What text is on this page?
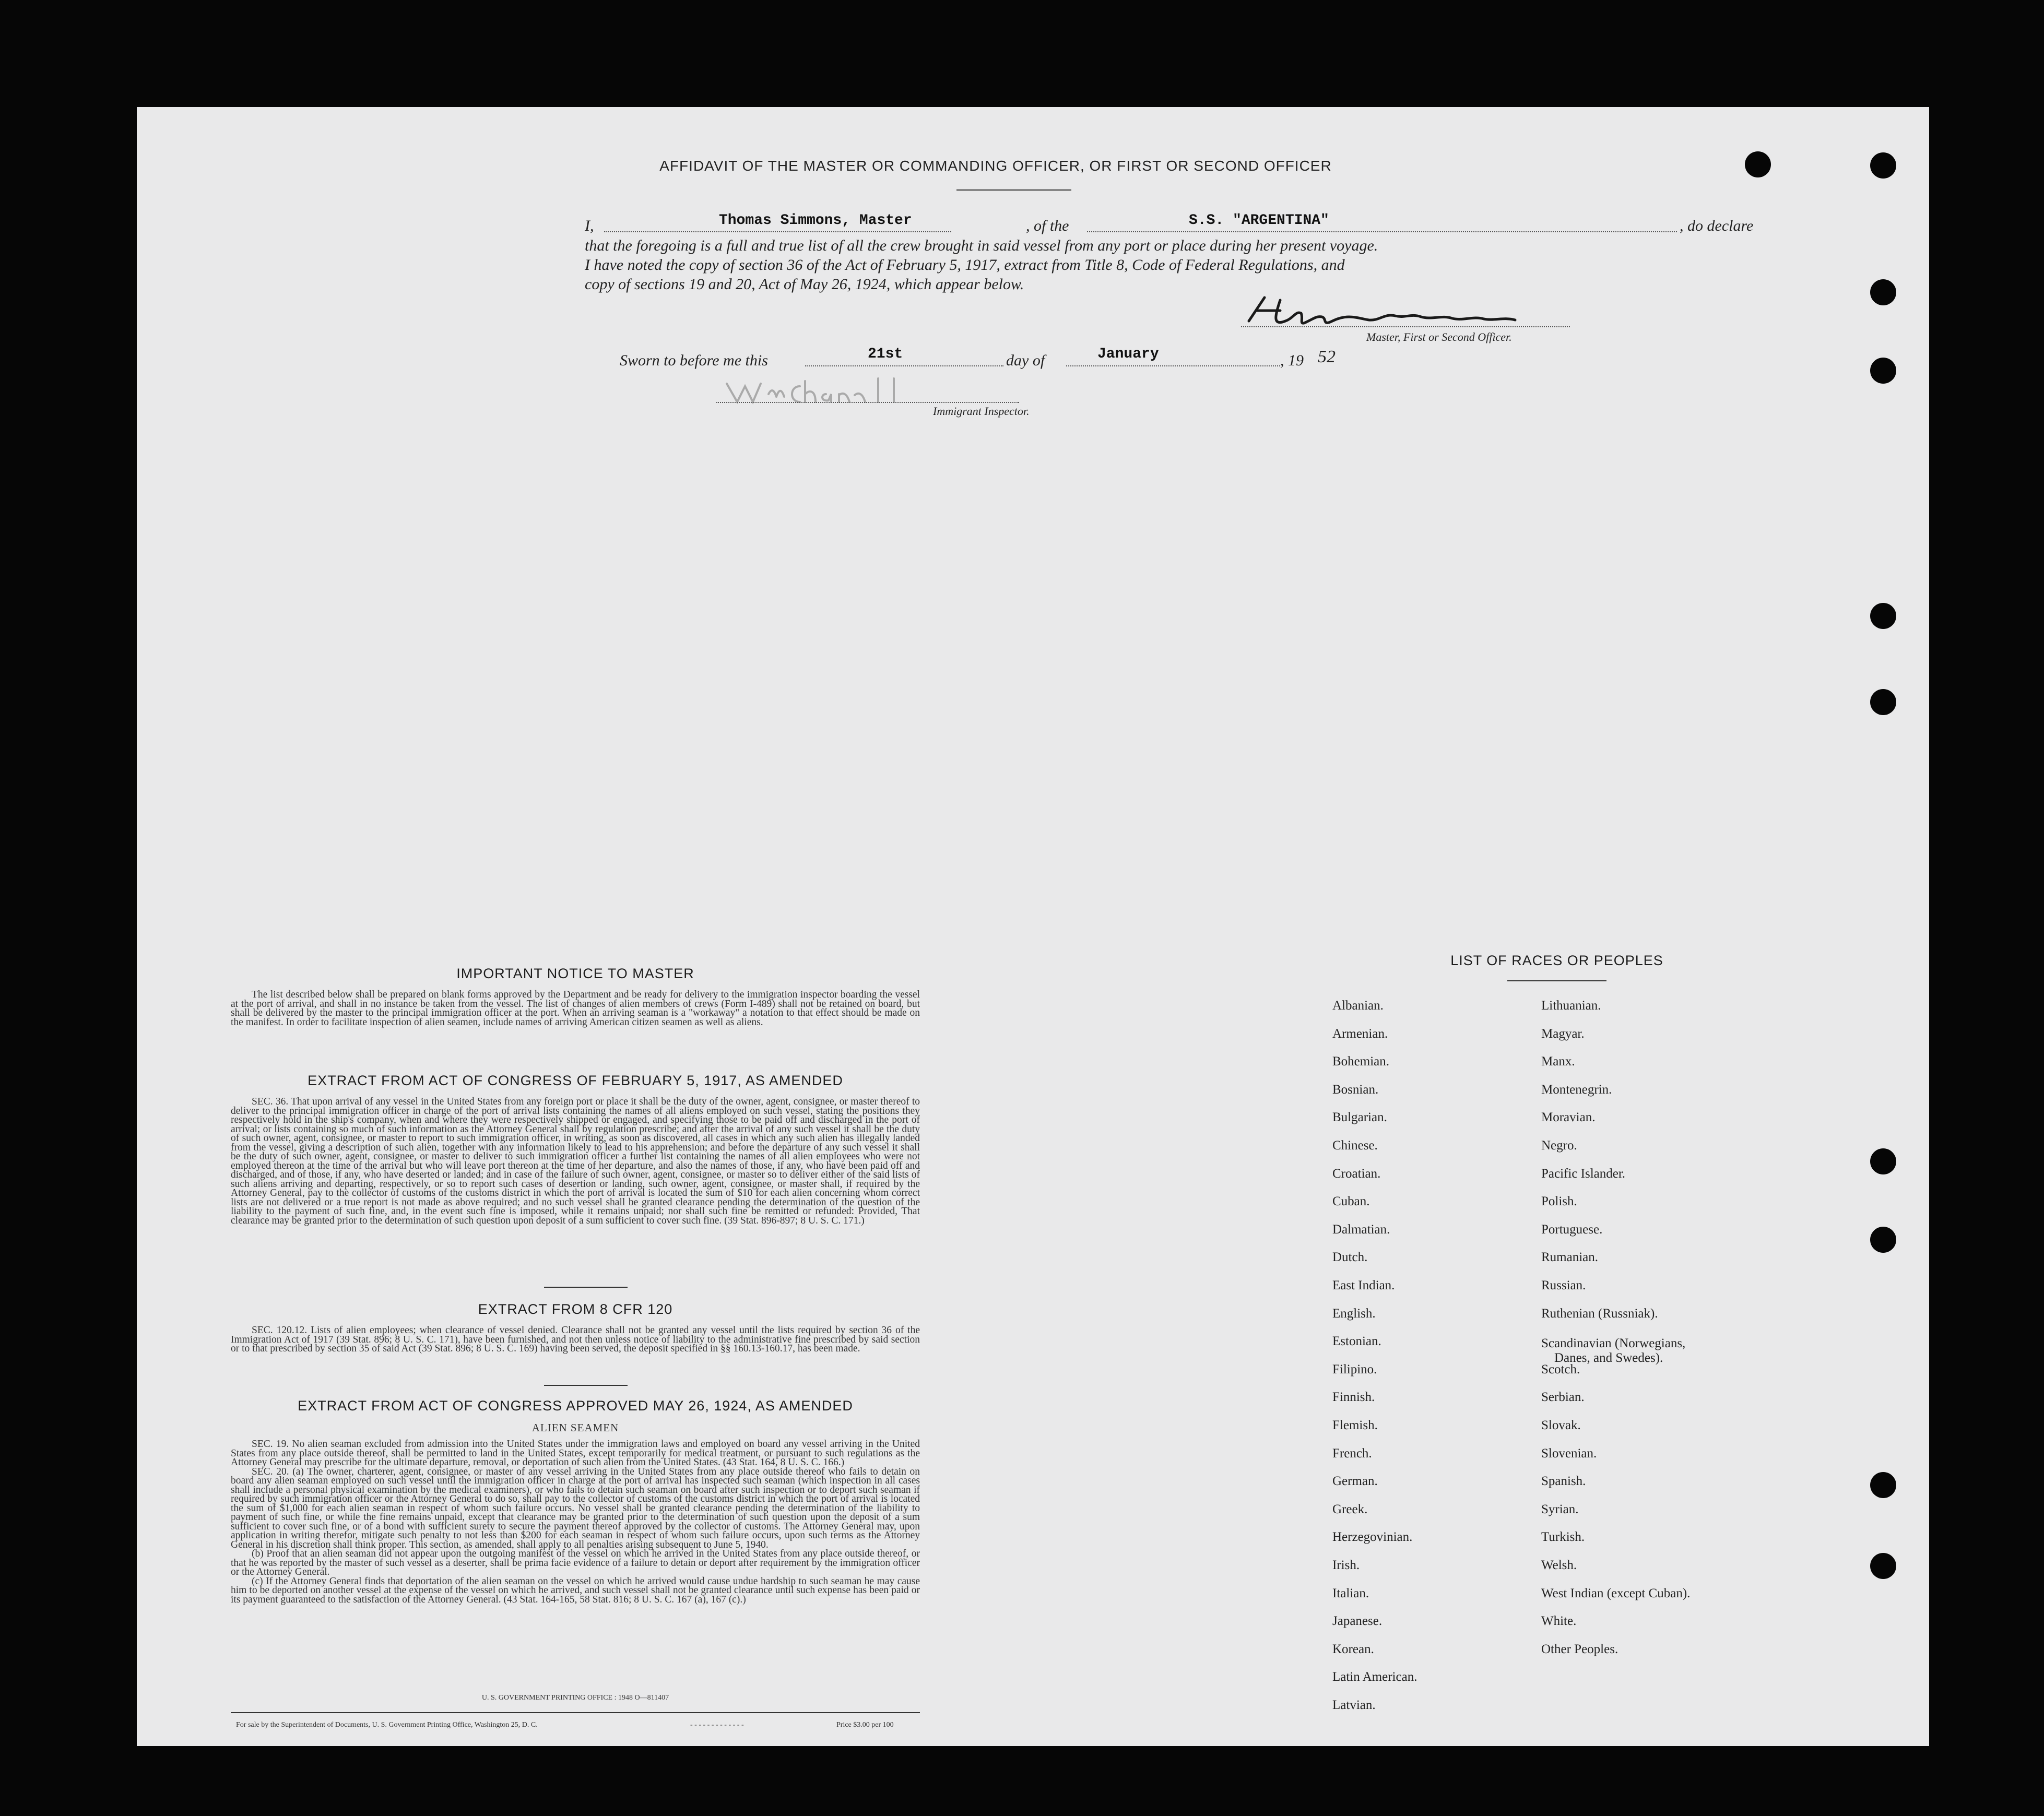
AFFIDAVIT OF THE MASTER OR COMMANDING OFFICER, OR FIRST OR SECOND OFFICER
I,	Thomas Simmons, Master	, of the	S.S. "ARGENTINA"	, do declare
that the foregoing is a full and true list of all the crew brought in said vessel from any port or place during her present voyage.
I have noted the copy of section 36 of the Act of February 5, 1917, extract from Title 8, Code of Federal Regulations, and
copy of sections 19 and 20, Act of May 26, 1924, which appear below.
Master, First or Second Officer.
Sworn to before me this	21st	day of	January	, 19 52
Immigrant Inspector.
IMPORTANT NOTICE TO MASTER
The list described below shall be prepared on blank forms approved by the Department and be ready for delivery to the immigration inspector boarding the vessel at the port of arrival, and shall in no instance be taken from the vessel. The list of changes of alien members of crews (Form I-489) shall not be retained on board, but shall be delivered by the master to the principal immigration officer at the port. When an arriving seaman is a "workaway" a notation to that effect should be made on the manifest. In order to facilitate inspection of alien seamen, include names of arriving American citizen seamen as well as aliens.
EXTRACT FROM ACT OF CONGRESS OF FEBRUARY 5, 1917, AS AMENDED
SEC. 36. That upon arrival of any vessel in the United States from any foreign port or place it shall be the duty of the owner, agent, consignee, or master thereof to deliver to the principal immigration officer in charge of the port of arrival lists containing the names of all aliens employed on such vessel, stating the positions they respectively hold in the ship's company, when and where they were respectively shipped or engaged, and specifying those to be paid off and discharged in the port of arrival; or lists containing so much of such information as the Attorney General shall by regulation prescribe; and after the arrival of any such vessel it shall be the duty of such owner, agent, consignee, or master to report to such immigration officer, in writing, as soon as discovered, all cases in which any such alien has illegally landed from the vessel, giving a description of such alien, together with any information likely to lead to his apprehension; and before the departure of any such vessel it shall be the duty of such owner, agent, consignee, or master to deliver to such immigration officer a further list containing the names of all alien employees who were not employed thereon at the time of the arrival but who will leave port thereon at the time of her departure, and also the names of those, if any, who have been paid off and discharged, and of those, if any, who have deserted or landed; and in case of the failure of such owner, agent, consignee, or master so to deliver either of the said lists of such aliens arriving and departing, respectively, or so to report such cases of desertion or landing, such owner, agent, consignee, or master shall, if required by the Attorney General, pay to the collector of customs of the customs district in which the port of arrival is located the sum of $10 for each alien concerning whom correct lists are not delivered or a true report is not made as above required; and no such vessel shall be granted clearance pending the determination of the question of the liability to the payment of such fine, and, in the event such fine is imposed, while it remains unpaid; nor shall such fine be remitted or refunded: Provided, That clearance may be granted prior to the determination of such question upon deposit of a sum sufficient to cover such fine. (39 Stat. 896-897; 8 U. S. C. 171.)
EXTRACT FROM 8 CFR 120
SEC. 120.12. Lists of alien employees; when clearance of vessel denied. Clearance shall not be granted any vessel until the lists required by section 36 of the Immigration Act of 1917 (39 Stat. 896; 8 U. S. C. 171), have been furnished, and not then unless notice of liability to the administrative fine prescribed by said section or to that prescribed by section 35 of said Act (39 Stat. 896; 8 U. S. C. 169) having been served, the deposit specified in §§ 160.13-160.17, has been made.
EXTRACT FROM ACT OF CONGRESS APPROVED MAY 26, 1924, AS AMENDED
ALIEN SEAMEN
SEC. 19. No alien seaman excluded from admission into the United States under the immigration laws and employed on board any vessel arriving in the United States from any place outside thereof, shall be permitted to land in the United States, except temporarily for medical treatment, or pursuant to such regulations as the Attorney General may prescribe for the ultimate departure, removal, or deportation of such alien from the United States. (43 Stat. 164, 8 U. S. C. 166.)
SEC. 20. (a) The owner, charterer, agent, consignee, or master of any vessel arriving in the United States from any place outside thereof who fails to detain on board any alien seaman employed on such vessel until the immigration officer in charge at the port of arrival has inspected such seaman (which inspection in all cases shall include a personal physical examination by the medical examiners), or who fails to detain such seaman on board after such inspection or to deport such seaman if required by such immigration officer or the Attorney General to do so, shall pay to the collector of customs of the customs district in which the port of arrival is located the sum of $1,000 for each alien seaman in respect of whom such failure occurs. No vessel shall be granted clearance pending the determination of the liability to payment of such fine, or while the fine remains unpaid, except that clearance may be granted prior to the determination of such question upon the deposit of a sum sufficient to cover such fine, or of a bond with sufficient surety to secure the payment thereof approved by the collector of customs. The Attorney General may, upon application in writing therefor, mitigate such penalty to not less than $200 for each seaman in respect of whom such failure occurs, upon such terms as the Attorney General in his discretion shall think proper. This section, as amended, shall apply to all penalties arising subsequent to June 5, 1940.
(b) Proof that an alien seaman did not appear upon the outgoing manifest of the vessel on which he arrived in the United States from any place outside thereof, or that he was reported by the master of such vessel as a deserter, shall be prima facie evidence of a failure to detain or deport after requirement by the immigration officer or the Attorney General.
(c) If the Attorney General finds that deportation of the alien seaman on the vessel on which he arrived would cause undue hardship to such seaman he may cause him to be deported on another vessel at the expense of the vessel on which he arrived, and such vessel shall not be granted clearance until such expense has been paid or its payment guaranteed to the satisfaction of the Attorney General. (43 Stat. 164-165, 58 Stat. 816; 8 U. S. C. 167 (a), 167 (c).)
U. S. GOVERNMENT PRINTING OFFICE : 1948 O—811407
For sale by the Superintendent of Documents, U. S. Government Printing Office, Washington 25, D. C.	- - - - - - - - - - - - -	Price $3.00 per 100
LIST OF RACES OR PEOPLES
Albanian.
Armenian.
Bohemian.
Bosnian.
Bulgarian.
Chinese.
Croatian.
Cuban.
Dalmatian.
Dutch.
East Indian.
English.
Estonian.
Filipino.
Finnish.
Flemish.
French.
German.
Greek.
Herzegovinian.
Irish.
Italian.
Japanese.
Korean.
Latin American.
Latvian.
Lithuanian.
Magyar.
Manx.
Montenegrin.
Moravian.
Negro.
Pacific Islander.
Polish.
Portuguese.
Rumanian.
Russian.
Ruthenian (Russniak).
Scandinavian (Norwegians,
Danes, and Swedes).
Scotch.
Serbian.
Slovak.
Slovenian.
Spanish.
Syrian.
Turkish.
Welsh.
West Indian (except Cuban).
White.
Other Peoples.
